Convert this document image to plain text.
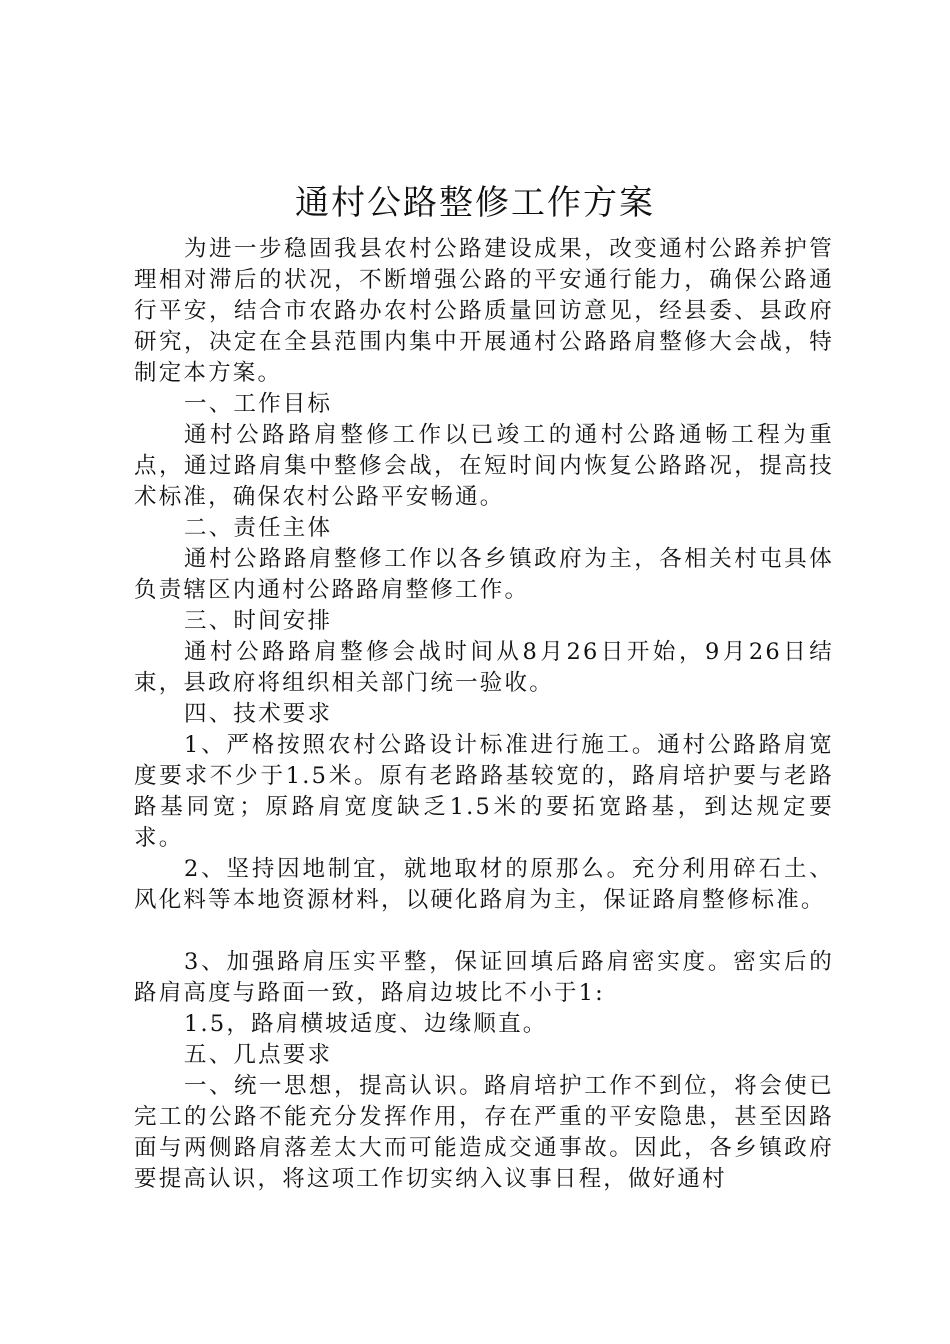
通村公路整修工作方案

为进一步稳固我县农村公路建设成果，改变通村公路养护管理相对滞后的状况，不断增强公路的平安通行能力，确保公路通行平安，结合市农路办农村公路质量回访意见，经县委、县政府研究，决定在全县范围内集中开展通村公路路肩整修大会战，特制定本方案。

一、工作目标

通村公路路肩整修工作以已竣工的通村公路通畅工程为重点，通过路肩集中整修会战，在短时间内恢复公路路况，提高技术标准，确保农村公路平安畅通。

二、责任主体

通村公路路肩整修工作以各乡镇政府为主，各相关村屯具体负责辖区内通村公路路肩整修工作。

三、时间安排

通村公路路肩整修会战时间从8月26日开始，9月26日结束，县政府将组织相关部门统一验收。

四、技术要求

1、严格按照农村公路设计标准进行施工。通村公路路肩宽度要求不少于1.5米。原有老路路基较宽的，路肩培护要与老路路基同宽；原路肩宽度缺乏1.5米的要拓宽路基，到达规定要求。

2、坚持因地制宜，就地取材的原那么。充分利用碎石土、风化料等本地资源材料，以硬化路肩为主，保证路肩整修标准。

3、加强路肩压实平整，保证回填后路肩密实度。密实后的路肩高度与路面一致，路肩边坡比不小于1:

1.5，路肩横坡适度、边缘顺直。

五、几点要求

一、统一思想，提高认识。路肩培护工作不到位，将会使已完工的公路不能充分发挥作用，存在严重的平安隐患，甚至因路面与两侧路肩落差太大而可能造成交通事故。因此，各乡镇政府要提高认识，将这项工作切实纳入议事日程，做好通村
